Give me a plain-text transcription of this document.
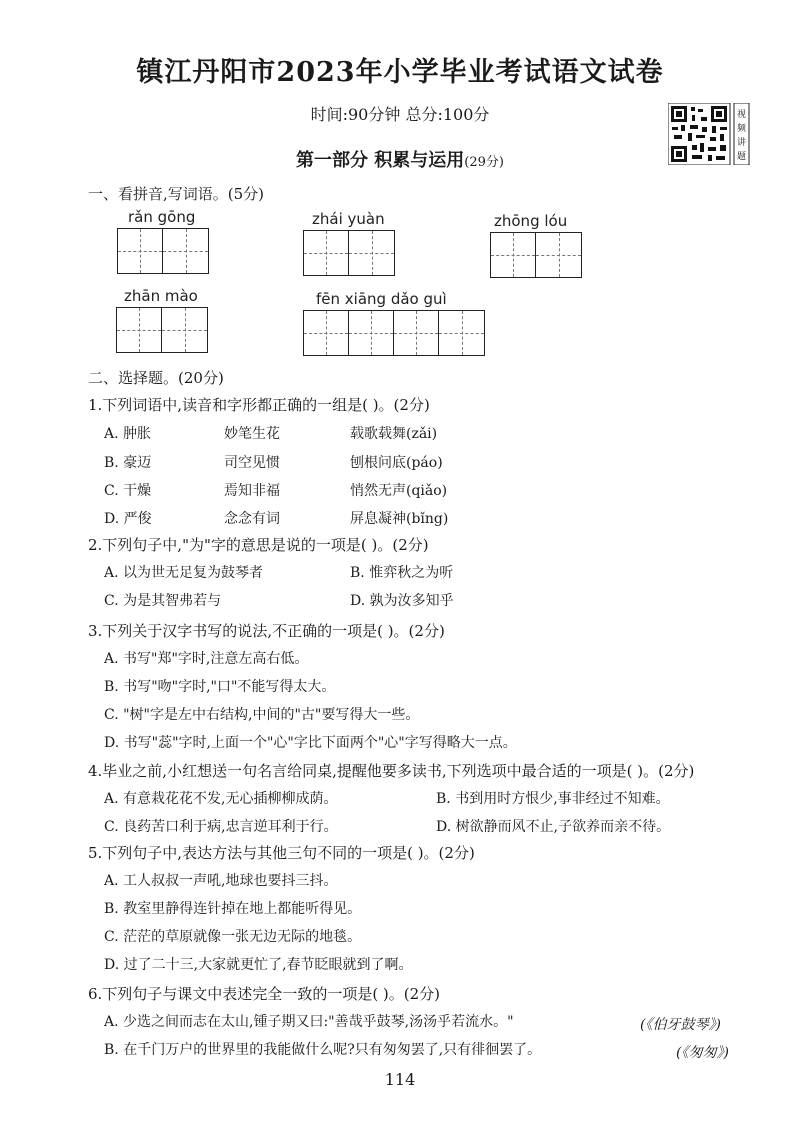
镇江丹阳市2023年小学毕业考试语文试卷
时间:90分钟 总分:100分
第一部分 积累与运用(29分)
视
频
讲
题
一、看拼音,写词语。(5分)
rǎn gōng	zhái yuàn	zhōng lóu
zhān mào	fēn xiāng dǎo guì
二、选择题。(20分)
1.下列词语中,读音和字形都正确的一组是( )。(2分)
A. 肿胀	妙笔生花	载歌载舞(zǎi)
B. 豪迈	司空见惯	刨根问底(páo)
C. 干燥	焉知非福	悄然无声(qiǎo)
D. 严俊	念念有词	屏息凝神(bǐng)
2.下列句子中,"为"字的意思是说的一项是( )。(2分)
A. 以为世无足复为鼓琴者	B. 惟弈秋之为听
C. 为是其智弗若与	D. 孰为汝多知乎
3.下列关于汉字书写的说法,不正确的一项是( )。(2分)
A. 书写"郑"字时,注意左高右低。
B. 书写"吻"字时,"口"不能写得太大。
C. "树"字是左中右结构,中间的"古"要写得大一些。
D. 书写"蕊"字时,上面一个"心"字比下面两个"心"字写得略大一点。
4.毕业之前,小红想送一句名言给同桌,提醒他要多读书,下列选项中最合适的一项是( )。(2分)
A. 有意栽花花不发,无心插柳柳成荫。	B. 书到用时方恨少,事非经过不知难。
C. 良药苦口利于病,忠言逆耳利于行。	D. 树欲静而风不止,子欲养而亲不待。
5.下列句子中,表达方法与其他三句不同的一项是( )。(2分)
A. 工人叔叔一声吼,地球也要抖三抖。
B. 教室里静得连针掉在地上都能听得见。
C. 茫茫的草原就像一张无边无际的地毯。
D. 过了二十三,大家就更忙了,春节眨眼就到了啊。
6.下列句子与课文中表述完全一致的一项是( )。(2分)
A. 少选之间而志在太山,锺子期又曰:"善哉乎鼓琴,汤汤乎若流水。"	(《伯牙鼓琴》)
B. 在千门万户的世界里的我能做什么呢?只有匆匆罢了,只有徘徊罢了。	(《匆匆》)
114
